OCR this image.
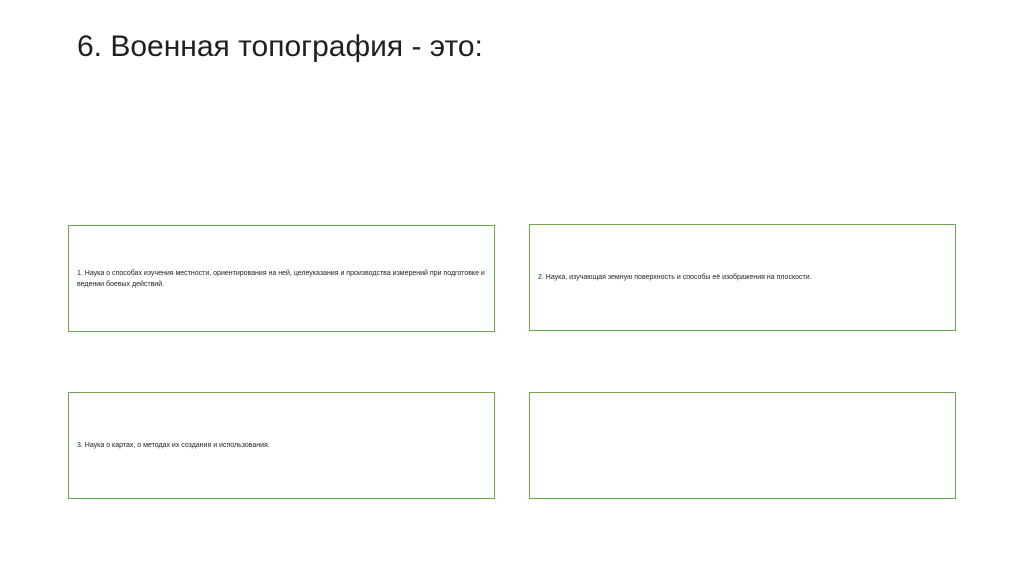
6. Военная топография - это:
1. Наука о способах изучения местности, ориентирования на ней, целеуказания и производства измерений при подготовке и ведении боевых действий.
2. Наука, изучающая земную поверхность и способы её изображения на плоскости.
3. Наука о картах, о методах их создания и использования.
